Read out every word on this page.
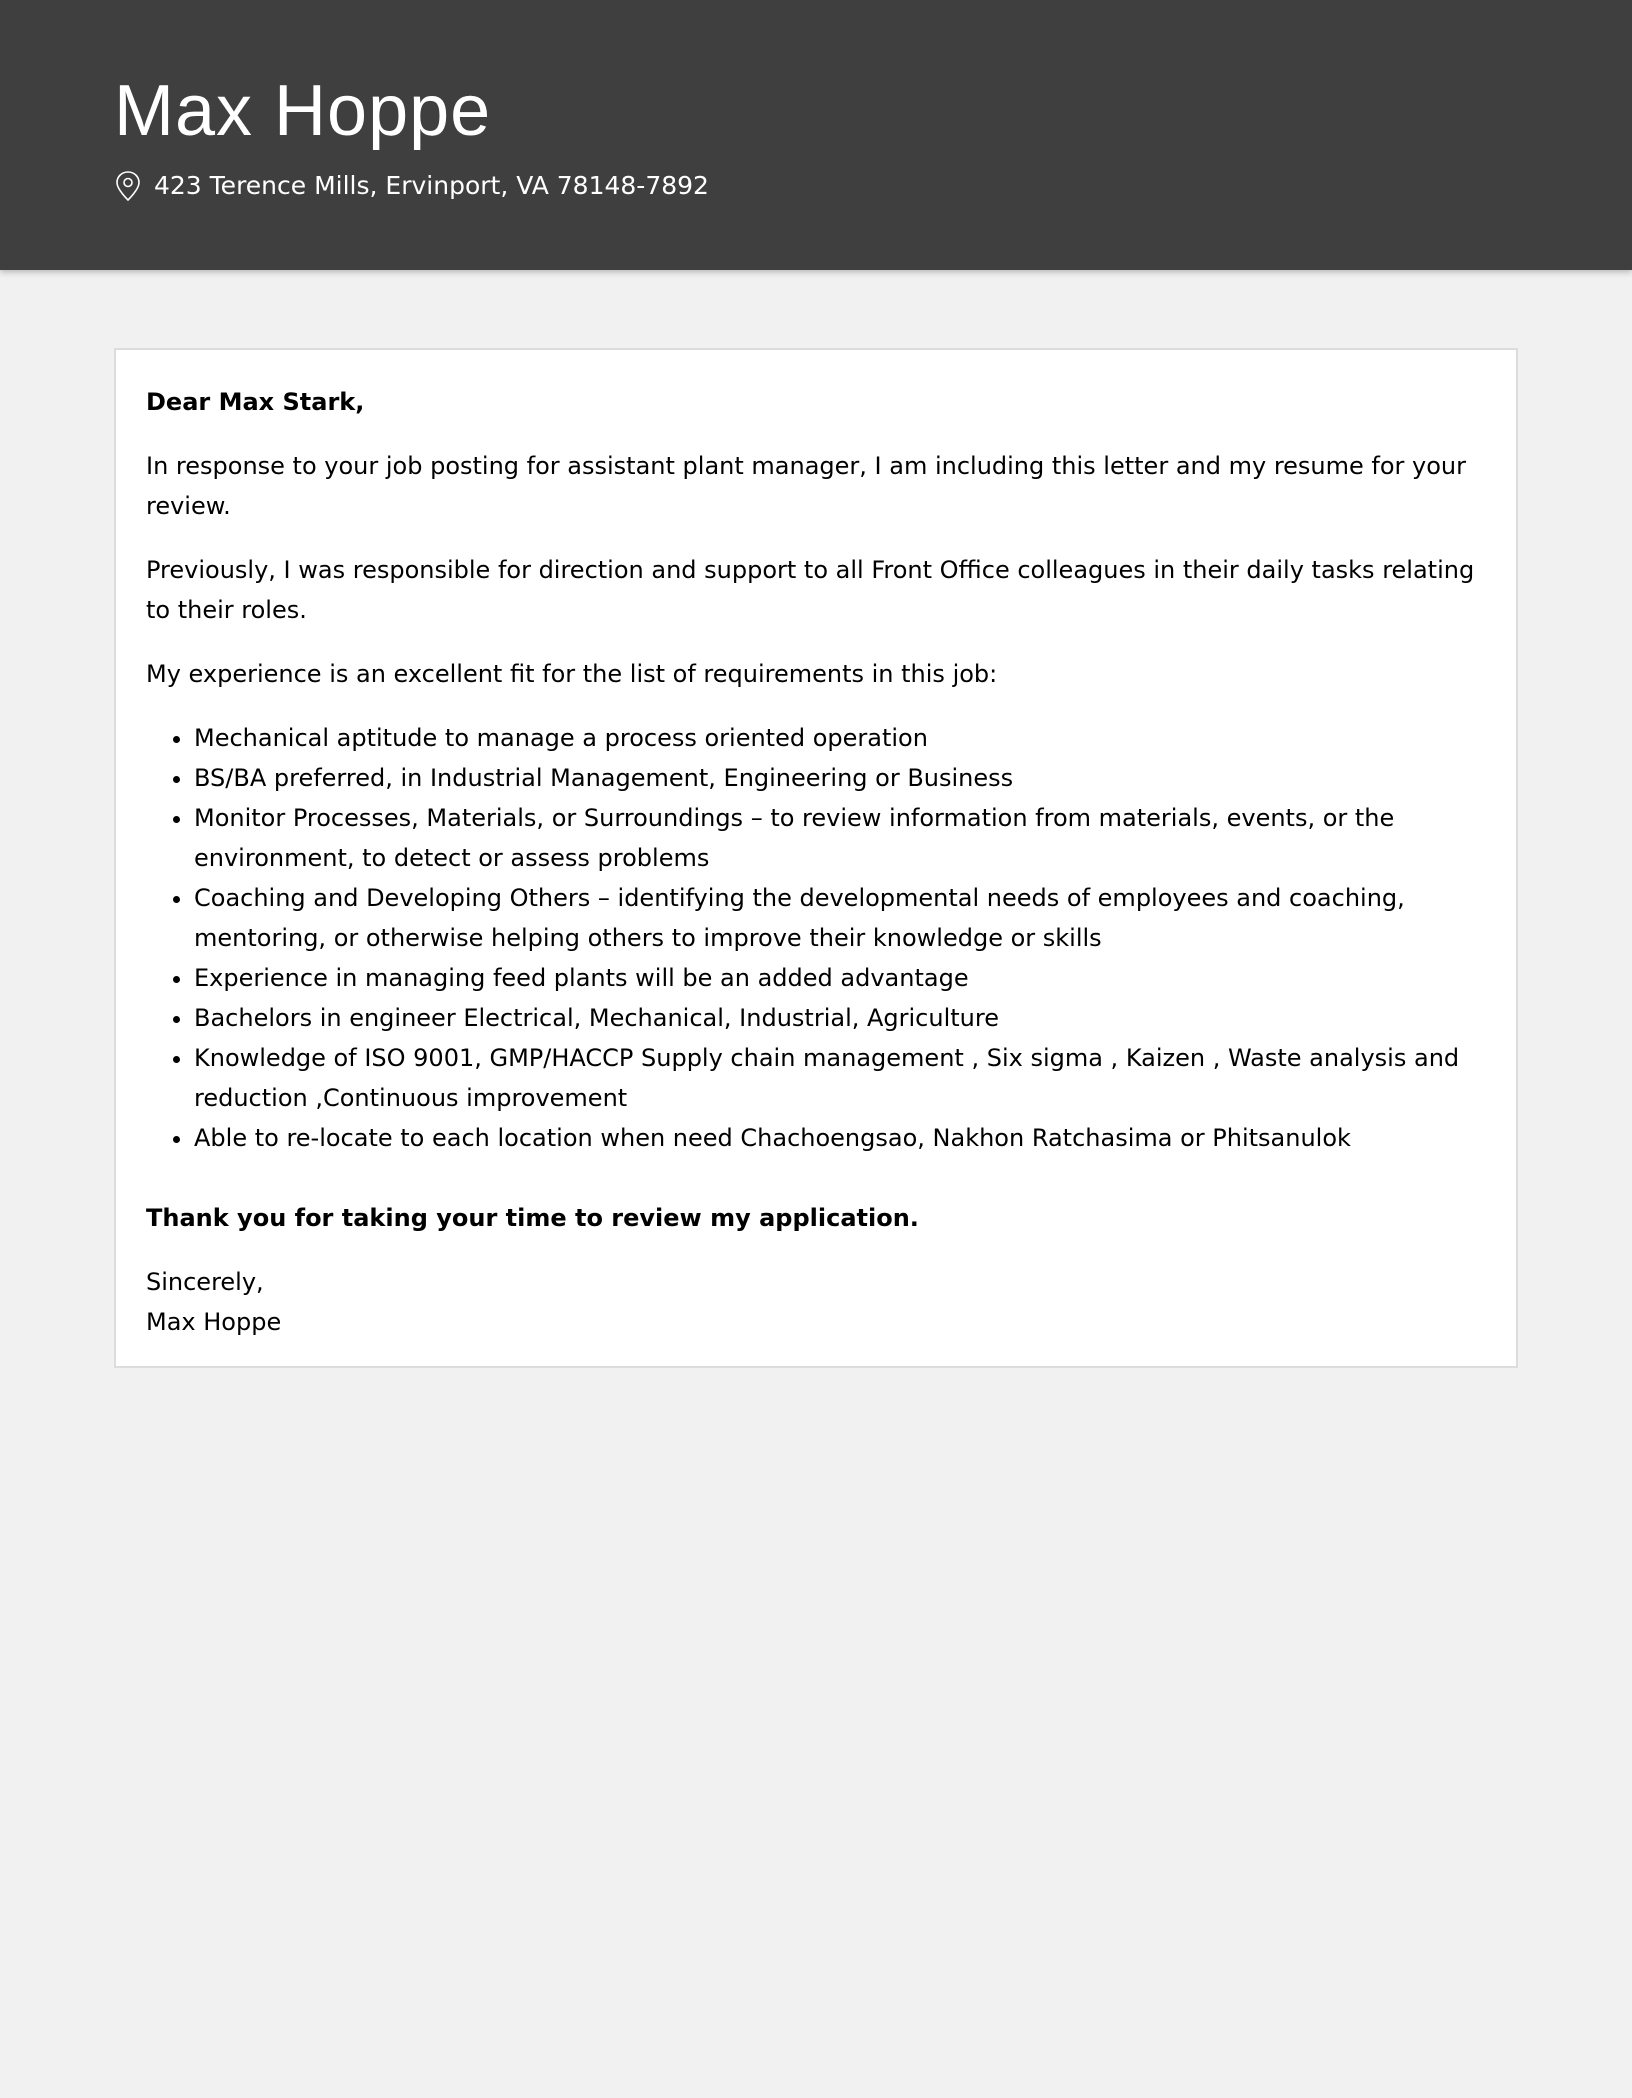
Max Hoppe
423 Terence Mills, Ervinport, VA 78148-7892

Dear Max Stark,

In response to your job posting for assistant plant manager, I am including this letter and my resume for your review.

Previously, I was responsible for direction and support to all Front Office colleagues in their daily tasks relating to their roles.

My experience is an excellent fit for the list of requirements in this job:

• Mechanical aptitude to manage a process oriented operation
• BS/BA preferred, in Industrial Management, Engineering or Business
• Monitor Processes, Materials, or Surroundings – to review information from materials, events, or the environment, to detect or assess problems
• Coaching and Developing Others – identifying the developmental needs of employees and coaching, mentoring, or otherwise helping others to improve their knowledge or skills
• Experience in managing feed plants will be an added advantage
• Bachelors in engineer Electrical, Mechanical, Industrial, Agriculture
• Knowledge of ISO 9001, GMP/HACCP Supply chain management , Six sigma , Kaizen , Waste analysis and reduction ,Continuous improvement
• Able to re-locate to each location when need Chachoengsao, Nakhon Ratchasima or Phitsanulok

Thank you for taking your time to review my application.

Sincerely,
Max Hoppe
